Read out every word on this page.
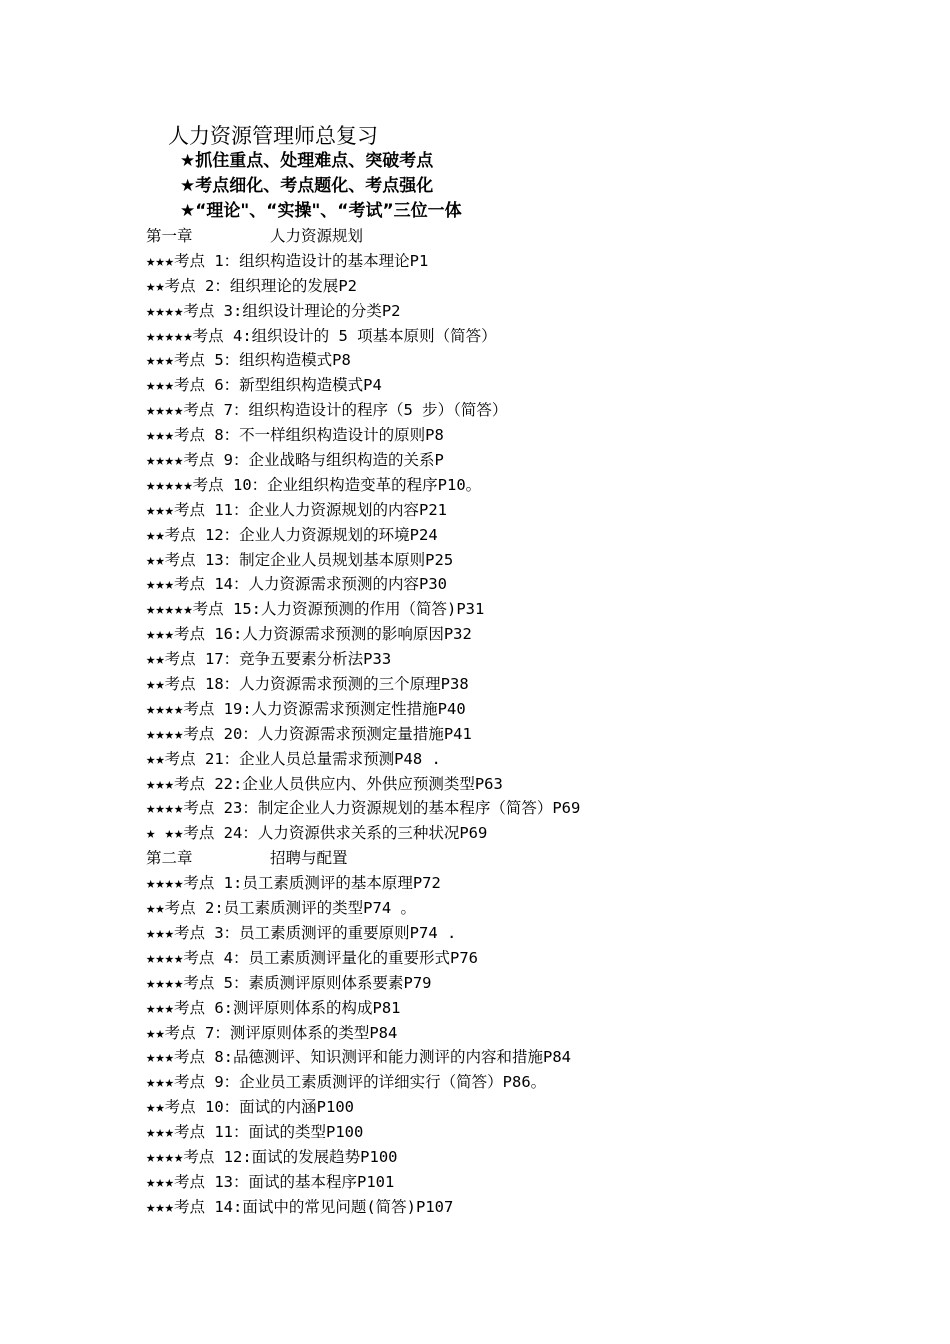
人力资源管理师总复习
★抓住重点、处理难点、突破考点
★考点细化、考点题化、考点强化
★“理论"、“实操"、“考试”三位一体
第一章	人力资源规划
★★★考点 1：组织构造设计的基本理论P1
★★考点 2：组织理论的发展P2
★★★★考点 3:组织设计理论的分类P2
★★★★★考点 4:组织设计的 5 项基本原则（简答）
★★★考点 5：组织构造模式P8
★★★考点 6：新型组织构造模式P4
★★★★考点 7：组织构造设计的程序（5 步）（简答）
★★★考点 8：不一样组织构造设计的原则P8
★★★★考点 9：企业战略与组织构造的关系P
★★★★★考点 10：企业组织构造变革的程序P10。
★★★考点 11：企业人力资源规划的内容P21
★★考点 12：企业人力资源规划的环境P24
★★考点 13：制定企业人员规划基本原则P25
★★★考点 14：人力资源需求预测的内容P30
★★★★★考点 15:人力资源预测的作用（简答)P31
★★★考点 16:人力资源需求预测的影响原因P32
★★考点 17：竞争五要素分析法P33
★★考点 18：人力资源需求预测的三个原理P38
★★★★考点 19:人力资源需求预测定性措施P40
★★★★考点 20：人力资源需求预测定量措施P41
★★考点 21：企业人员总量需求预测P48 .
★★★考点 22:企业人员供应内、外供应预测类型P63
★★★★考点 23：制定企业人力资源规划的基本程序（简答）P69
★ ★★考点 24：人力资源供求关系的三种状况P69
第二章	招聘与配置
★★★★考点 1:员工素质测评的基本原理P72
★★考点 2:员工素质测评的类型P74 。
★★★考点 3：员工素质测评的重要原则P74 .
★★★★考点 4：员工素质测评量化的重要形式P76
★★★★考点 5：素质测评原则体系要素P79
★★★考点 6:测评原则体系的构成P81
★★考点 7：测评原则体系的类型P84
★★★考点 8:品德测评、知识测评和能力测评的内容和措施P84
★★★考点 9：企业员工素质测评的详细实行（简答）P86。
★★考点 10：面试的内涵P100
★★★考点 11：面试的类型P100
★★★★考点 12:面试的发展趋势P100
★★★考点 13：面试的基本程序P101
★★★考点 14:面试中的常见问题(简答)P107
